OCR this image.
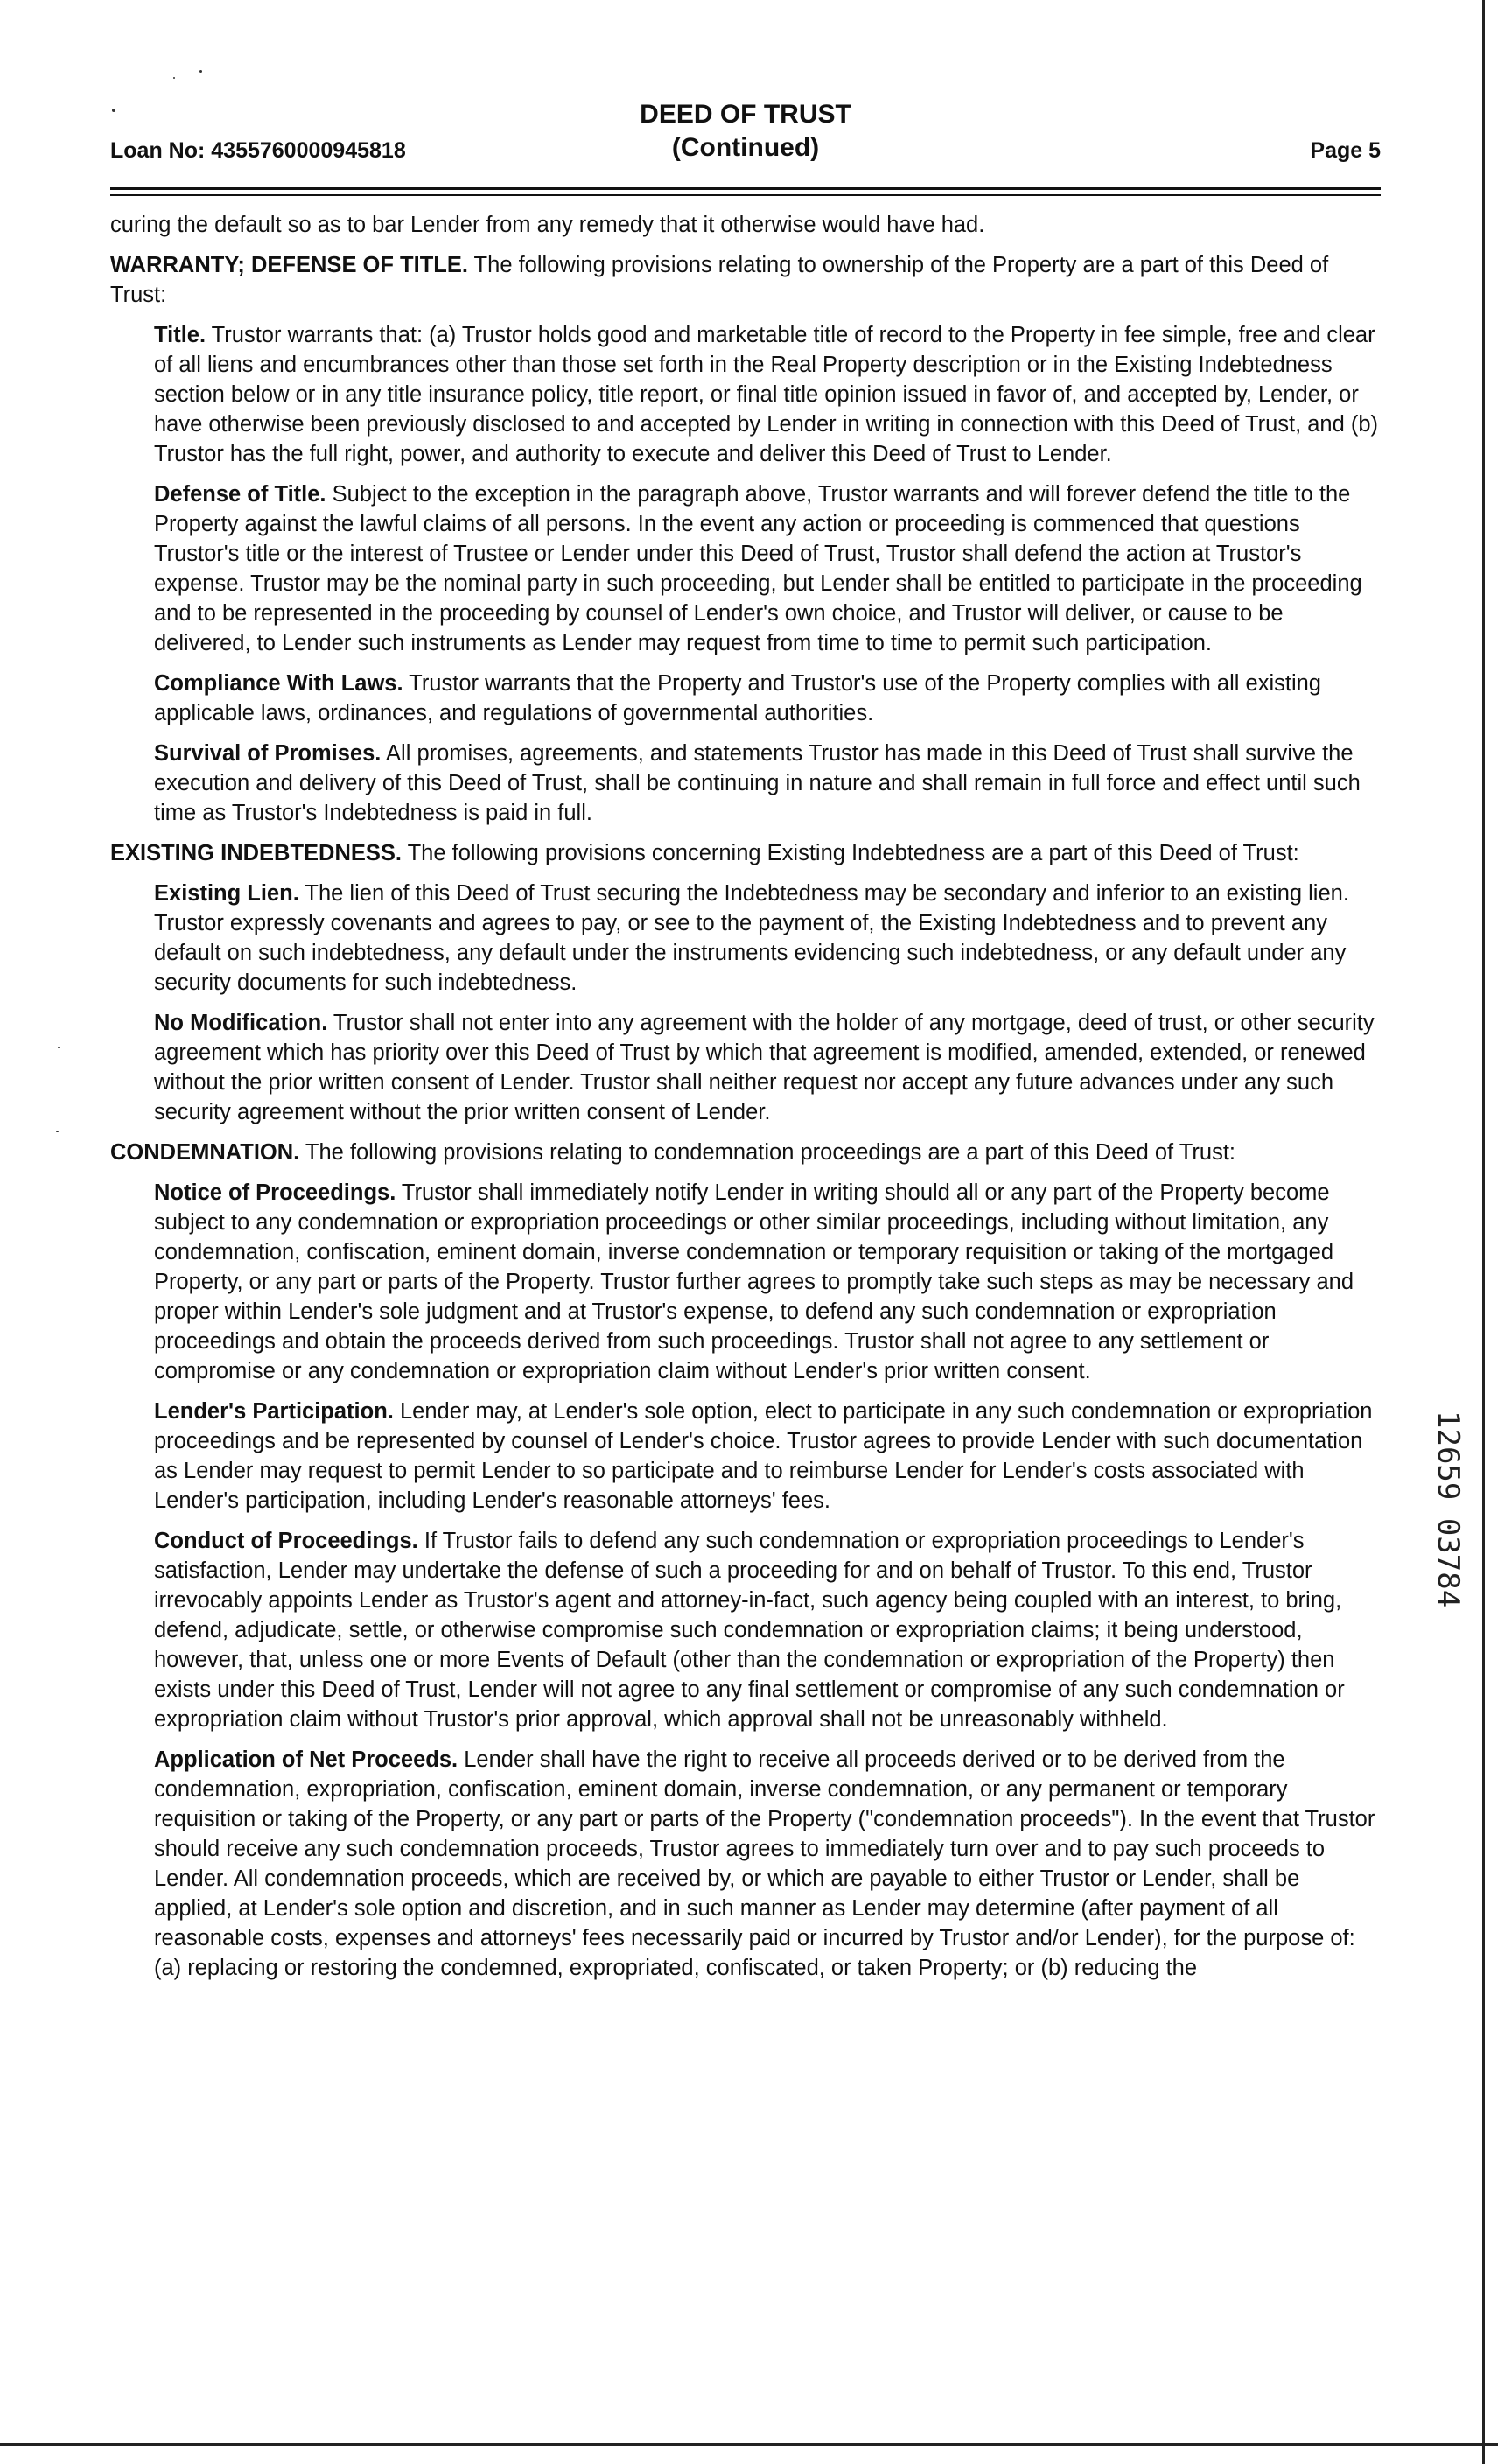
Loan No: 4355760000945818
DEED OF TRUST
(Continued)	Page 5

curing the default so as to bar Lender from any remedy that it otherwise would have had.

WARRANTY; DEFENSE OF TITLE. The following provisions relating to ownership of the Property are a part of this Deed of Trust:

Title. Trustor warrants that: (a) Trustor holds good and marketable title of record to the Property in fee simple, free and clear of all liens and encumbrances other than those set forth in the Real Property description or in the Existing Indebtedness section below or in any title insurance policy, title report, or final title opinion issued in favor of, and accepted by, Lender, or have otherwise been previously disclosed to and accepted by Lender in writing in connection with this Deed of Trust, and (b) Trustor has the full right, power, and authority to execute and deliver this Deed of Trust to Lender.

Defense of Title. Subject to the exception in the paragraph above, Trustor warrants and will forever defend the title to the Property against the lawful claims of all persons. In the event any action or proceeding is commenced that questions Trustor's title or the interest of Trustee or Lender under this Deed of Trust, Trustor shall defend the action at Trustor's expense. Trustor may be the nominal party in such proceeding, but Lender shall be entitled to participate in the proceeding and to be represented in the proceeding by counsel of Lender's own choice, and Trustor will deliver, or cause to be delivered, to Lender such instruments as Lender may request from time to time to permit such participation.

Compliance With Laws. Trustor warrants that the Property and Trustor's use of the Property complies with all existing applicable laws, ordinances, and regulations of governmental authorities.

Survival of Promises. All promises, agreements, and statements Trustor has made in this Deed of Trust shall survive the execution and delivery of this Deed of Trust, shall be continuing in nature and shall remain in full force and effect until such time as Trustor's Indebtedness is paid in full.

EXISTING INDEBTEDNESS. The following provisions concerning Existing Indebtedness are a part of this Deed of Trust:

Existing Lien. The lien of this Deed of Trust securing the Indebtedness may be secondary and inferior to an existing lien. Trustor expressly covenants and agrees to pay, or see to the payment of, the Existing Indebtedness and to prevent any default on such indebtedness, any default under the instruments evidencing such indebtedness, or any default under any security documents for such indebtedness.

No Modification. Trustor shall not enter into any agreement with the holder of any mortgage, deed of trust, or other security agreement which has priority over this Deed of Trust by which that agreement is modified, amended, extended, or renewed without the prior written consent of Lender. Trustor shall neither request nor accept any future advances under any such security agreement without the prior written consent of Lender.

CONDEMNATION. The following provisions relating to condemnation proceedings are a part of this Deed of Trust:

Notice of Proceedings. Trustor shall immediately notify Lender in writing should all or any part of the Property become subject to any condemnation or expropriation proceedings or other similar proceedings, including without limitation, any condemnation, confiscation, eminent domain, inverse condemnation or temporary requisition or taking of the mortgaged Property, or any part or parts of the Property. Trustor further agrees to promptly take such steps as may be necessary and proper within Lender's sole judgment and at Trustor's expense, to defend any such condemnation or expropriation proceedings and obtain the proceeds derived from such proceedings. Trustor shall not agree to any settlement or compromise or any condemnation or expropriation claim without Lender's prior written consent.

Lender's Participation. Lender may, at Lender's sole option, elect to participate in any such condemnation or expropriation proceedings and be represented by counsel of Lender's choice. Trustor agrees to provide Lender with such documentation as Lender may request to permit Lender to so participate and to reimburse Lender for Lender's costs associated with Lender's participation, including Lender's reasonable attorneys' fees.

Conduct of Proceedings. If Trustor fails to defend any such condemnation or expropriation proceedings to Lender's satisfaction, Lender may undertake the defense of such a proceeding for and on behalf of Trustor. To this end, Trustor irrevocably appoints Lender as Trustor's agent and attorney-in-fact, such agency being coupled with an interest, to bring, defend, adjudicate, settle, or otherwise compromise such condemnation or expropriation claims; it being understood, however, that, unless one or more Events of Default (other than the condemnation or expropriation of the Property) then exists under this Deed of Trust, Lender will not agree to any final settlement or compromise of any such condemnation or expropriation claim without Trustor's prior approval, which approval shall not be unreasonably withheld.

Application of Net Proceeds. Lender shall have the right to receive all proceeds derived or to be derived from the condemnation, expropriation, confiscation, eminent domain, inverse condemnation, or any permanent or temporary requisition or taking of the Property, or any part or parts of the Property ("condemnation proceeds"). In the event that Trustor should receive any such condemnation proceeds, Trustor agrees to immediately turn over and to pay such proceeds to Lender. All condemnation proceeds, which are received by, or which are payable to either Trustor or Lender, shall be applied, at Lender's sole option and discretion, and in such manner as Lender may determine (after payment of all reasonable costs, expenses and attorneys' fees necessarily paid or incurred by Trustor and/or Lender), for the purpose of: (a) replacing or restoring the condemned, expropriated, confiscated, or taken Property; or (b) reducing the

12659 03784
